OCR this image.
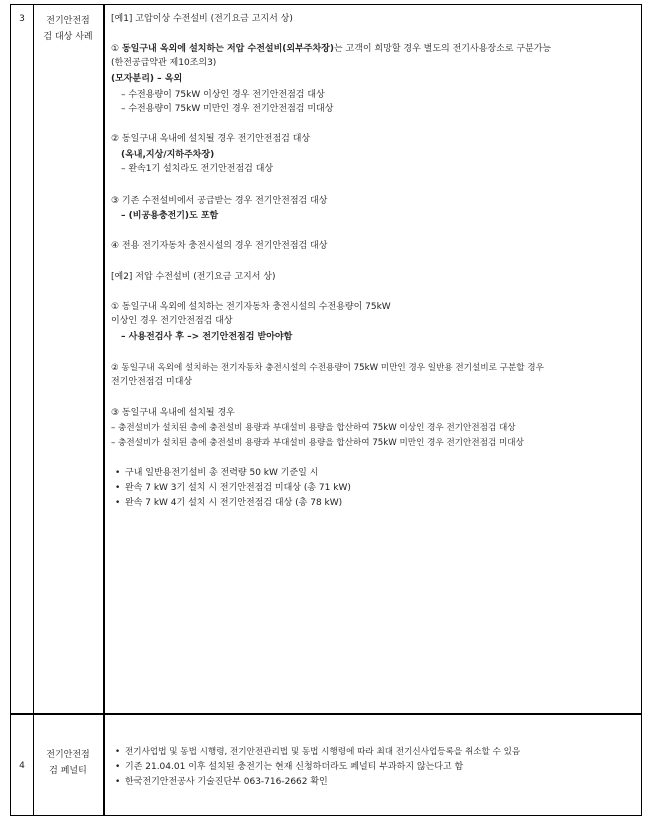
3	전기안전점
검 대상 사례
[예1] 고압이상 수전설비 (전기요금 고지서 상)
① 동일구내 옥외에 설치하는 저압 수전설비(외부주차장)는 고객이 희망할 경우 별도의 전기사용장소로 구분가능
(한전공급약관 제10조의3)
(모자분리) – 옥외
– 수전용량이 75kW 이상인 경우 전기안전점검 대상
– 수전용량이 75kW 미만인 경우 전기안전점검 미대상
② 동일구내 옥내에 설치될 경우 전기안전점검 대상
(옥내,지상/지하주차장)
– 완속1기 설치라도 전기안전점검 대상
③ 기존 수전설비에서 공급받는 경우 전기안전점검 대상
– (비공용충전기)도 포함
④ 전용 전기자동차 충전시설의 경우 전기안전점검 대상
[예2] 저압 수전설비 (전기요금 고지서 상)
① 동일구내 옥외에 설치하는 전기자동차 충전시설의 수전용량이 75kW
이상인 경우 전기안전점검 대상
– 사용전검사 후 –> 전기안전점검 받아야함
② 동일구내 옥외에 설치하는 전기자동차 충전시설의 수전용량이 75kW 미만인 경우 일반용 전기설비로 구분할 경우
전기안전점검 미대상
③ 동일구내 옥내에 설치될 경우
– 충전설비가 설치된 층에 충전설비 용량과 부대설비 용량을 합산하여 75kW 이상인 경우 전기안전점검 대상
– 충전설비가 설치된 층에 충전설비 용량과 부대설비 용량을 합산하여 75kW 미만인 경우 전기안전점검 미대상
• 구내 일반용전기설비 총 전력량 50 kW 기준일 시
• 완속 7 kW 3기 설치 시 전기안전점검 미대상 (총 71 kW)
• 완속 7 kW 4기 설치 시 전기안전점검 대상 (총 78 kW)
4
전기안전점
검 페널티
• 전기사업법 및 동법 시행령, 전기안전관리법 및 동법 시행령에 따라 최대 전기신사업등록을 취소할 수 있음
• 기존 21.04.01 이후 설치된 충전기는 현재 신청하더라도 페널티 부과하지 않는다고 함
• 한국전기안전공사 기술진단부 063-716-2662 확인
